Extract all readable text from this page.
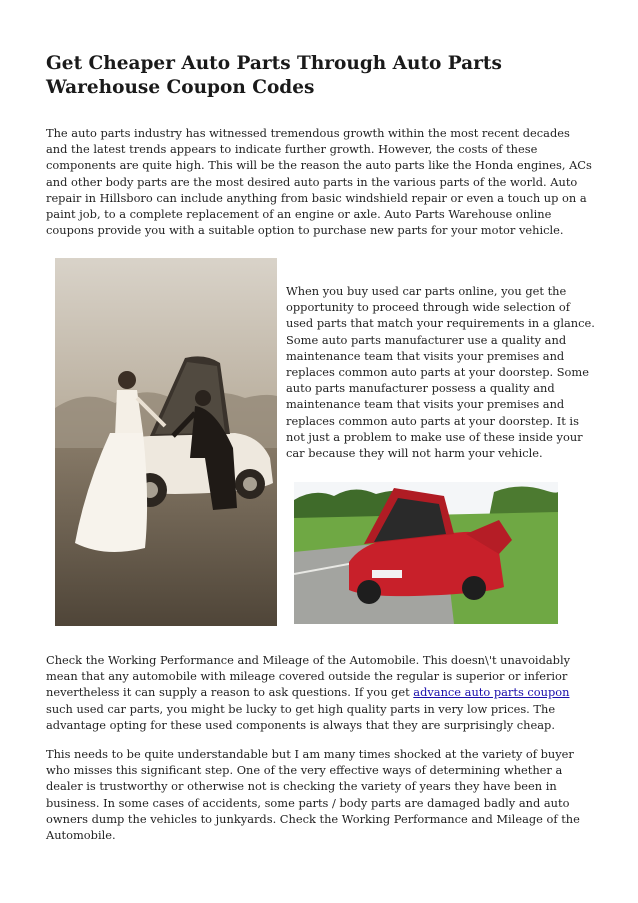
Get Cheaper Auto Parts Through Auto Parts Warehouse Coupon Codes

The auto parts industry has witnessed tremendous growth within the most recent decades and the latest trends appears to indicate further growth. However, the costs of these components are quite high. This will be the reason the auto parts like the Honda engines, ACs and other body parts are the most desired auto parts in the various parts of the world. Auto repair in Hillsboro can include anything from basic windshield repair or even a touch up on a paint job, to a complete replacement of an engine or axle. Auto Parts Warehouse online coupons provide you with a suitable option to purchase new parts for your motor vehicle.

When you buy used car parts online, you get the opportunity to proceed through wide selection of used parts that match your requirements in a glance. Some auto parts manufacturer use a quality and maintenance team that visits your premises and replaces common auto parts at your doorstep. Some auto parts manufacturer possess a quality and maintenance team that visits your premises and replaces common auto parts at your doorstep. It is not just a problem to make use of these inside your car because they will not harm your vehicle.

Check the Working Performance and Mileage of the Automobile. This doesn\'t unavoidably mean that any automobile with mileage covered outside the regular is superior or inferior nevertheless it can supply a reason to ask questions. If you get advance auto parts coupon such used car parts, you might be lucky to get high quality parts in very low prices. The advantage opting for these used components is always that they are surprisingly cheap.

This needs to be quite understandable but I am many times shocked at the variety of buyer who misses this significant step. One of the very effective ways of determining whether a dealer is trustworthy or otherwise not is checking the variety of years they have been in business. In some cases of accidents, some parts / body parts are damaged badly and auto owners dump the vehicles to junkyards. Check the Working Performance and Mileage of the Automobile.
